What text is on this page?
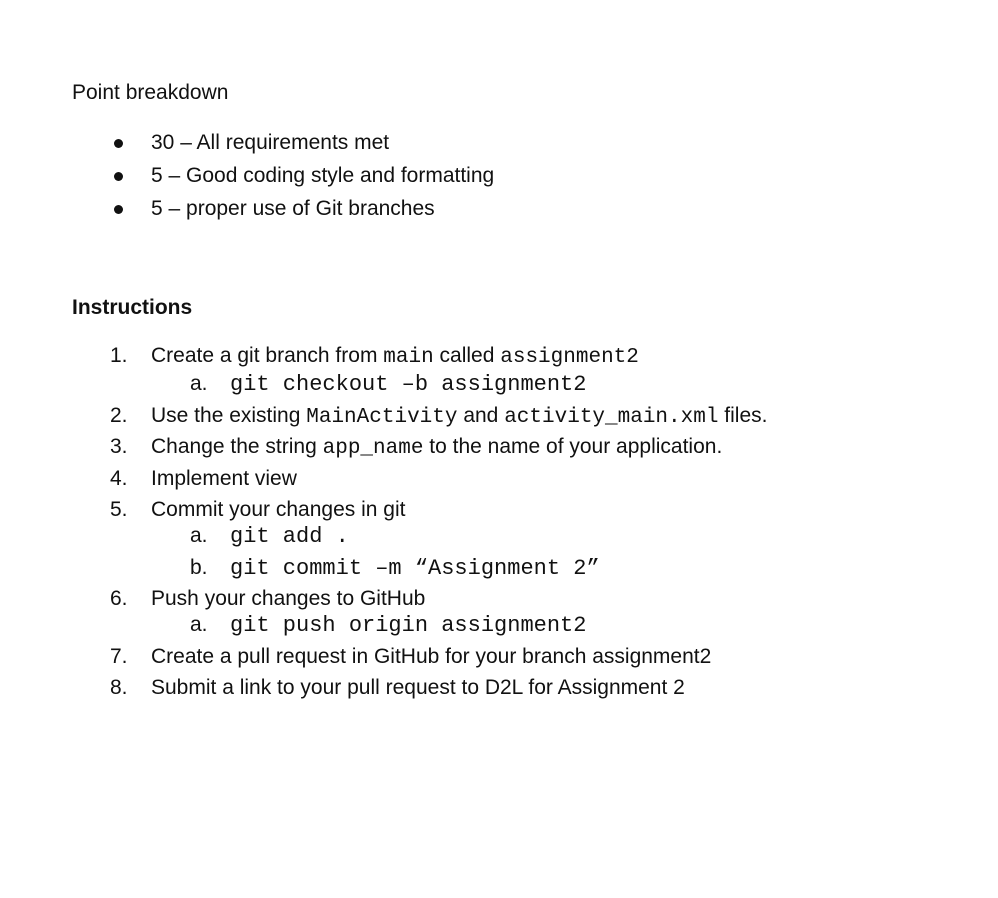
Point breakdown
30 – All requirements met
5 – Good coding style and formatting
5 – proper use of Git branches
Instructions
1.	Create a git branch from main called assignment2
a. git checkout –b assignment2
2.	Use the existing MainActivity and activity_main.xml files.
3.	Change the string app_name to the name of your application.
4.	Implement view
5.	Commit your changes in git
a. git add .
b. git commit –m “Assignment 2”
6.	Push your changes to GitHub
a. git push origin assignment2
7.	Create a pull request in GitHub for your branch assignment2
8.	Submit a link to your pull request to D2L for Assignment 2
